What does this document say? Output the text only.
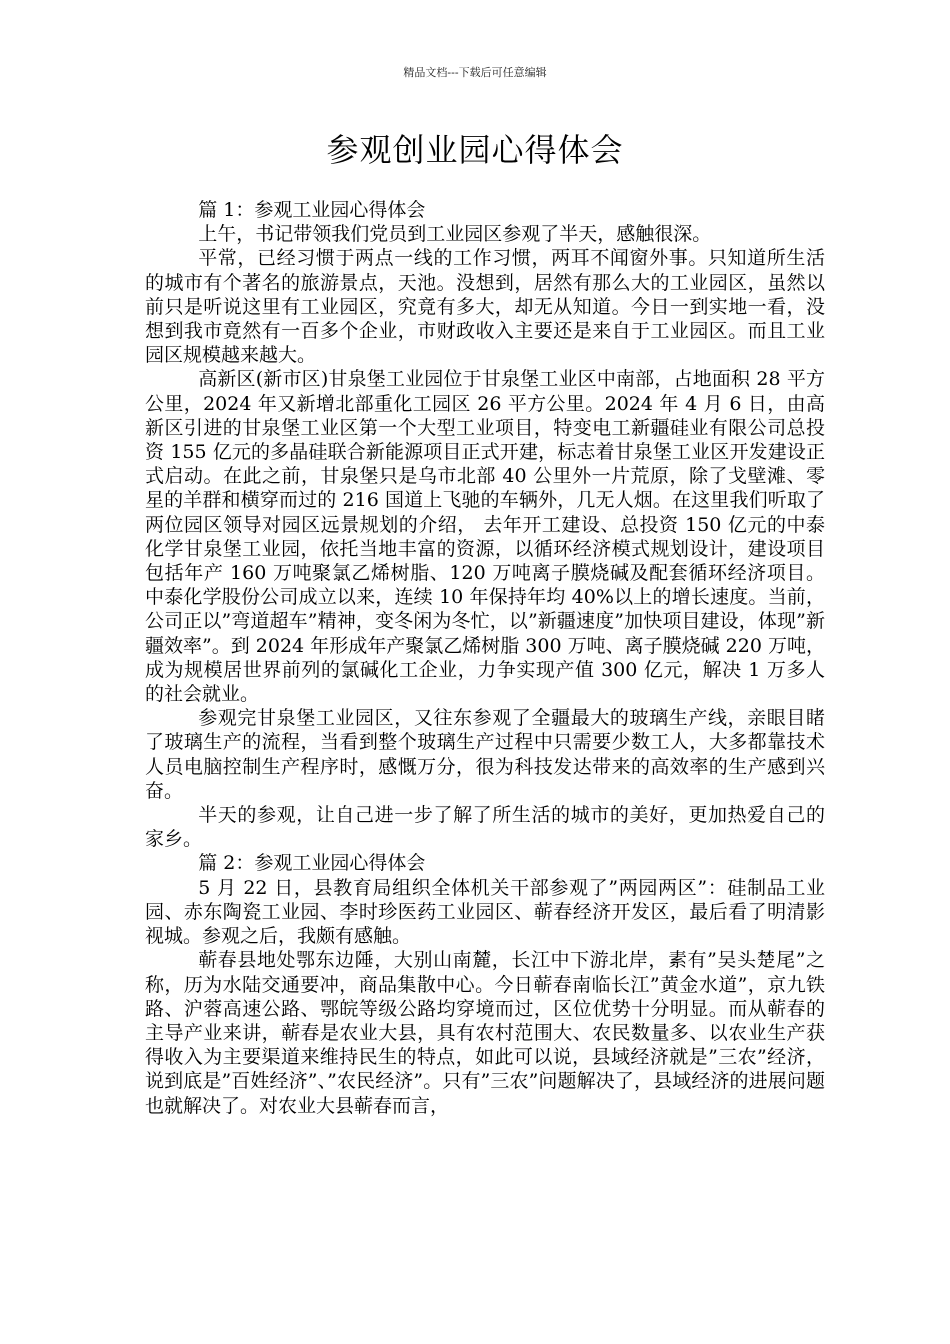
精品文档---下载后可任意编辑
参观创业园心得体会

篇 1：参观工业园心得体会

上午，书记带领我们党员到工业园区参观了半天，感触很深。

平常，已经习惯于两点一线的工作习惯，两耳不闻窗外事。只知道所生活的城市有个著名的旅游景点，天池。没想到，居然有那么大的工业园区，虽然以前只是听说这里有工业园区，究竟有多大，却无从知道。今日一到实地一看，没想到我市竟然有一百多个企业，市财政收入主要还是来自于工业园区。而且工业园区规模越来越大。

高新区(新市区)甘泉堡工业园位于甘泉堡工业区中南部，占地面积 28 平方公里，2024 年又新增北部重化工园区 26 平方公里。2024 年 4 月 6 日，由高新区引进的甘泉堡工业区第一个大型工业项目，特变电工新疆硅业有限公司总投资 155 亿元的多晶硅联合新能源项目正式开建，标志着甘泉堡工业区开发建设正式启动。在此之前，甘泉堡只是乌市北部 40 公里外一片荒原，除了戈壁滩、零星的羊群和横穿而过的 216 国道上飞驰的车辆外，几无人烟。在这里我们听取了两位园区领导对园区远景规划的介绍， 去年开工建设、总投资 150 亿元的中泰化学甘泉堡工业园，依托当地丰富的资源，以循环经济模式规划设计，建设项目包括年产 160 万吨聚氯乙烯树脂、120 万吨离子膜烧碱及配套循环经济项目。 中泰化学股份公司成立以来，连续 10 年保持年均 40%以上的增长速度。当前，公司正以”弯道超车”精神，变冬闲为冬忙，以”新疆速度”加快项目建设，体现”新疆效率”。到 2024 年形成年产聚氯乙烯树脂 300 万吨、离子膜烧碱 220 万吨，成为规模居世界前列的氯碱化工企业，力争实现产值 300 亿元，解决 1 万多人的社会就业。

参观完甘泉堡工业园区，又往东参观了全疆最大的玻璃生产线，亲眼目睹了玻璃生产的流程，当看到整个玻璃生产过程中只需要少数工人，大多都靠技术人员电脑控制生产程序时，感慨万分，很为科技发达带来的高效率的生产感到兴奋。

半天的参观，让自己进一步了解了所生活的城市的美好，更加热爱自己的家乡。

篇 2：参观工业园心得体会

5 月 22 日，县教育局组织全体机关干部参观了”两园两区”：硅制品工业园、赤东陶瓷工业园、李时珍医药工业园区、蕲春经济开发区，最后看了明清影视城。参观之后，我颇有感触。

蕲春县地处鄂东边陲，大别山南麓，长江中下游北岸，素有”吴头楚尾”之称，历为水陆交通要冲，商品集散中心。今日蕲春南临长江”黄金水道”，京九铁路、沪蓉高速公路、鄂皖等级公路均穿境而过，区位优势十分明显。而从蕲春的主导产业来讲，蕲春是农业大县，具有农村范围大、农民数量多、以农业生产获得收入为主要渠道来维持民生的特点，如此可以说，县域经济就是”三农”经济，说到底是”百姓经济”、”农民经济”。只有”三农”问题解决了，县域经济的进展问题也就解决了。对农业大县蕲春而言，
